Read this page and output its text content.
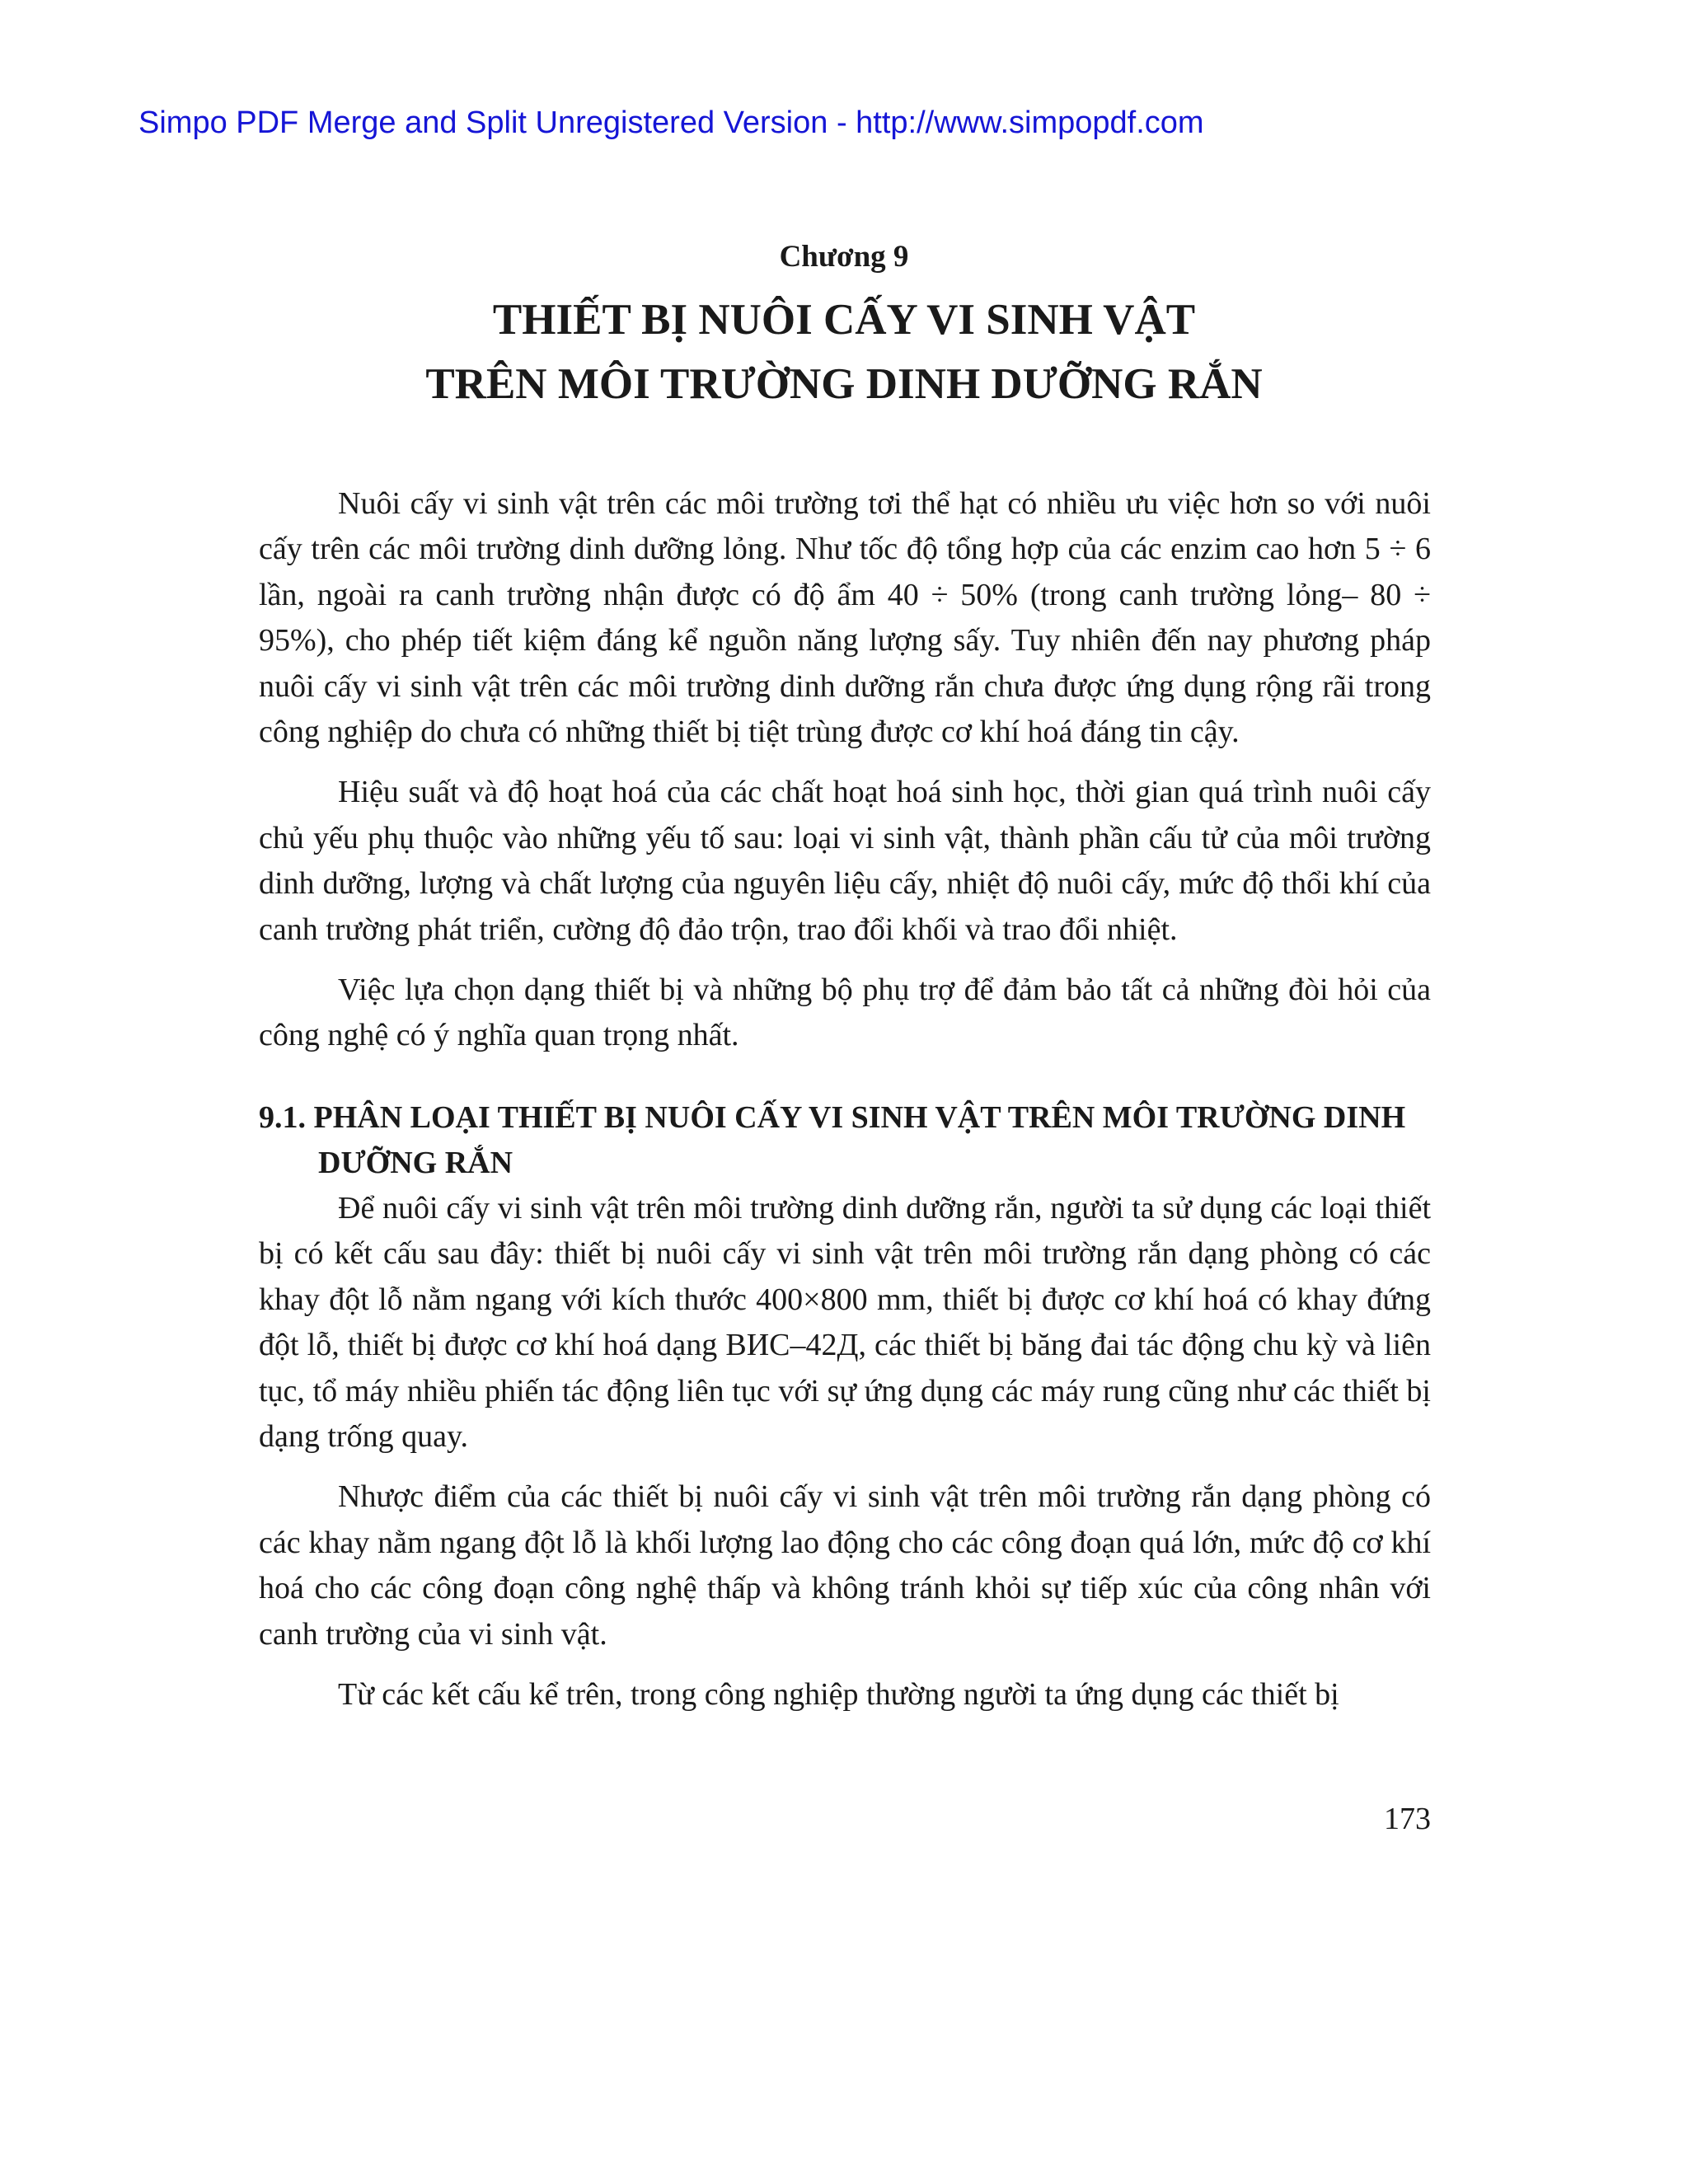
Simpo PDF Merge and Split Unregistered Version - http://www.simpopdf.com
Chương 9
THIẾT BỊ NUÔI CẤY VI SINH VẬT
TRÊN MÔI TRƯỜNG DINH DƯỠNG RẮN

Nuôi cấy vi sinh vật trên các môi trường tơi thể hạt có nhiều ưu việc hơn so với nuôi cấy trên các môi trường dinh dưỡng lỏng. Như tốc độ tổng hợp của các enzim cao hơn 5 ÷ 6 lần, ngoài ra canh trường nhận được có độ ẩm 40 ÷ 50% (trong canh trường lỏng– 80 ÷ 95%), cho phép tiết kiệm đáng kể nguồn năng lượng sấy. Tuy nhiên đến nay phương pháp nuôi cấy vi sinh vật trên các môi trường dinh dưỡng rắn chưa được ứng dụng rộng rãi trong công nghiệp do chưa có những thiết bị tiệt trùng được cơ khí hoá đáng tin cậy.

Hiệu suất và độ hoạt hoá của các chất hoạt hoá sinh học, thời gian quá trình nuôi cấy chủ yếu phụ thuộc vào những yếu tố sau: loại vi sinh vật, thành phần cấu tử của môi trường dinh dưỡng, lượng và chất lượng của nguyên liệu cấy, nhiệt độ nuôi cấy, mức độ thổi khí của canh trường phát triển, cường độ đảo trộn, trao đổi khối và trao đổi nhiệt.

Việc lựa chọn dạng thiết bị và những bộ phụ trợ để đảm bảo tất cả những đòi hỏi của công nghệ có ý nghĩa quan trọng nhất.

9.1. PHÂN LOẠI THIẾT BỊ NUÔI CẤY VI SINH VẬT TRÊN MÔI TRƯỜNG DINH DƯỠNG RẮN

Để nuôi cấy vi sinh vật trên môi trường dinh dưỡng rắn, người ta sử dụng các loại thiết bị có kết cấu sau đây: thiết bị nuôi cấy vi sinh vật trên môi trường rắn dạng phòng có các khay đột lỗ nằm ngang với kích thước 400×800 mm, thiết bị được cơ khí hoá có khay đứng đột lỗ, thiết bị được cơ khí hoá dạng ВИС–42Д, các thiết bị băng đai tác động chu kỳ và liên tục, tổ máy nhiều phiến tác động liên tục với sự ứng dụng các máy rung cũng như các thiết bị dạng trống quay.

Nhược điểm của các thiết bị nuôi cấy vi sinh vật trên môi trường rắn dạng phòng có các khay nằm ngang đột lỗ là khối lượng lao động cho các công đoạn quá lớn, mức độ cơ khí hoá cho các công đoạn công nghệ thấp và không tránh khỏi sự tiếp xúc của công nhân với canh trường của vi sinh vật.

Từ các kết cấu kể trên, trong công nghiệp thường người ta ứng dụng các thiết bị

173
